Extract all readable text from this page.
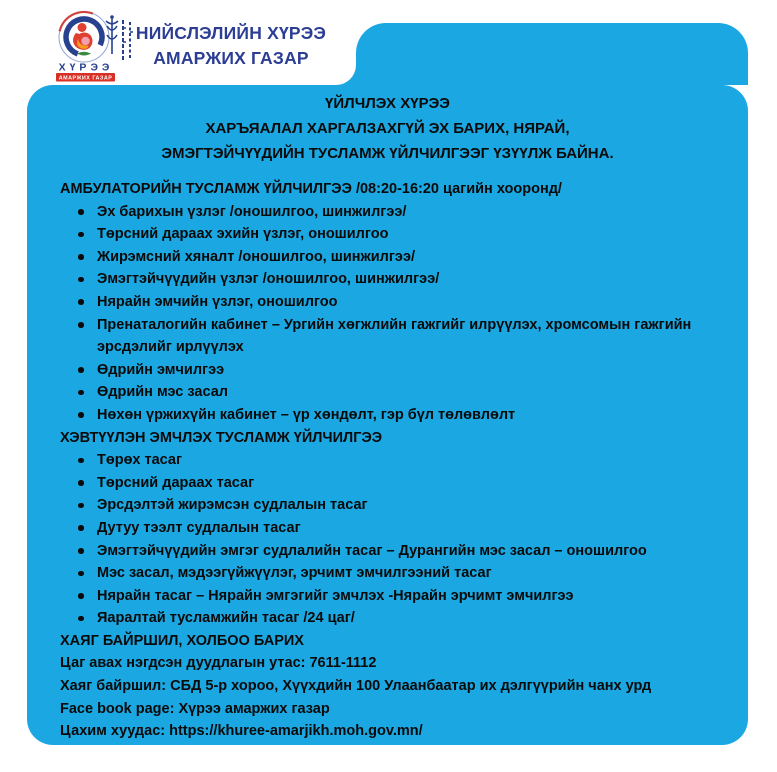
ХҮРЭЭ
АМАРЖИХ ГАЗАР
НИЙСЛЭЛИЙН ХҮРЭЭ
АМАРЖИХ ГАЗАР
ҮЙЛЧЛЭХ ХҮРЭЭ
ХАРЪЯАЛАЛ ХАРГАЛЗАХГҮЙ ЭХ БАРИХ, НЯРАЙ,
ЭМЭГТЭЙЧҮҮДИЙН ТУСЛАМЖ ҮЙЛЧИЛГЭЭГ ҮЗҮҮЛЖ БАЙНА.
АМБУЛАТОРИЙН ТУСЛАМЖ ҮЙЛЧИЛГЭЭ /08:20-16:20 цагийн хооронд/
Эх барихын үзлэг /оношилгоо, шинжилгээ/
Төрсний дараах эхийн үзлэг, оношилгоо
Жирэмсний хяналт /оношилгоо, шинжилгээ/
Эмэгтэйчүүдийн үзлэг /оношилгоо, шинжилгээ/
Нярайн эмчийн үзлэг, оношилгоо
Пренаталогийн кабинет – Ургийн хөгжлийн гажгийг илрүүлэх, хромсомын гажгийн эрсдэлийг ирлүүлэх
Өдрийн эмчилгээ
Өдрийн мэс засал
Нөхөн үржихүйн кабинет – үр хөндөлт, гэр бүл төлөвлөлт
ХЭВТҮҮЛЭН ЭМЧЛЭХ ТУСЛАМЖ ҮЙЛЧИЛГЭЭ
Төрөх тасаг
Төрсний дараах тасаг
Эрсдэлтэй жирэмсэн судлалын тасаг
Дутуу тээлт судлалын тасаг
Эмэгтэйчүүдийн эмгэг судлалийн тасаг – Дурангийн мэс засал – оношилгоо
Мэс засал, мэдээгүйжүүлэг, эрчимт эмчилгээний тасаг
Нярайн тасаг – Нярайн эмгэгийг эмчлэх -Нярайн эрчимт эмчилгээ
Яаралтай тусламжийн тасаг /24 цаг/
ХАЯГ БАЙРШИЛ, ХОЛБОО БАРИХ
Цаг авах нэгдсэн дуудлагын утас: 7611-1112
Хаяг байршил: СБД 5-р хороо, Хүүхдийн 100 Улаанбаатар их дэлгүүрийн чанх урд
Face book page: Хүрээ амаржих газар
Цахим хуудас: https://khuree-amarjikh.moh.gov.mn/
